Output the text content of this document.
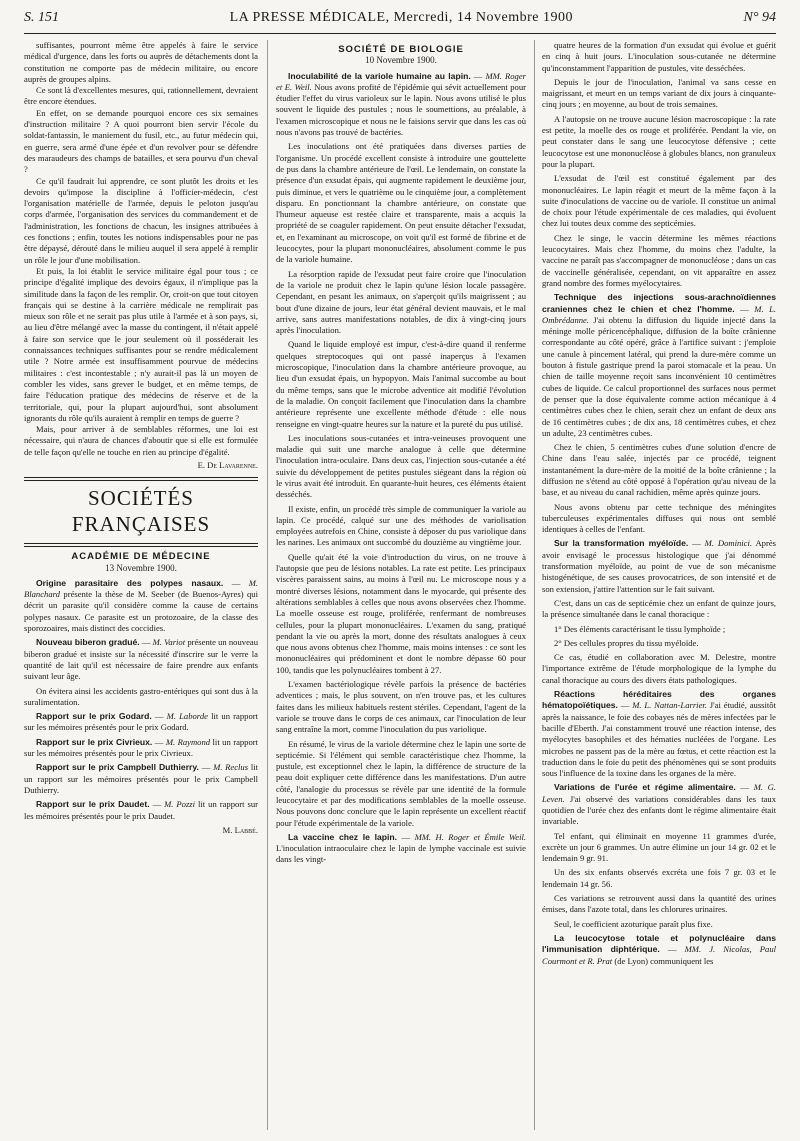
S. 151	LA PRESSE MÉDICALE, Mercredi, 14 Novembre 1900	N° 94

suffisantes, pourront même être appelés à faire le service médical d'urgence, dans les forts ou auprès de détachements dont la constitution ne comporte pas de médecin militaire, ou encore auprès de groupes alpins.

Ce sont là d'excellentes mesures, qui, rationnellement, devraient être encore étendues.

En effet, on se demande pourquoi encore ces six semaines d'instruction militaire ? A quoi pourront bien servir l'école du soldat-fantassin, le maniement du fusil, etc., au futur médecin qui, en guerre, sera armé d'une épée et d'un revolver pour se défendre des maraudeurs des champs de batailles, et sera pourvu d'un cheval ?

Ce qu'il faudrait lui apprendre, ce sont plutôt les droits et les devoirs qu'impose la discipline à l'officier-médecin, c'est l'organisation matérielle de l'armée, depuis le peloton jusqu'au corps d'armée, l'organisation des services du commandement et de l'administration, les fonctions de chacun, les insignes attribuées à ces fonctions ; enfin, toutes les notions indispensables pour ne pas être dépaysé, dérouté dans le milieu auquel il sera appelé à remplir un rôle le jour d'une mobilisation.

Et puis, la loi établit le service militaire égal pour tous ; ce principe d'égalité implique des devoirs égaux, il n'implique pas la similitude dans la façon de les remplir. Or, croit-on que tout citoyen français qui se destine à la carrière médicale ne remplirait pas mieux son rôle et ne serait pas plus utile à l'armée et à son pays, si, au lieu d'être mélangé avec la masse du contingent, il n'était appelé à faire son service que le jour seulement où il posséderait les connaissances techniques suffisantes pour se rendre médicalement utile ? Notre armée est insuffisamment pourvue de médecins militaires : c'est incontestable ; n'y aurait-il pas là un moyen de combler les vides, sans grever le budget, et en même temps, de faire l'éducation pratique des médecins de réserve et de la territoriale, qui, pour la plupart aujourd'hui, sont absolument ignorants du rôle qu'ils auraient à remplir en temps de guerre ?

Mais, pour arriver à de semblables réformes, une loi est nécessaire, qui n'aura de chances d'aboutir que si elle est formulée de telle façon qu'elle ne touche en rien au principe d'égalité.

E. De Lavarenne.
SOCIÉTÉS FRANÇAISES
ACADÉMIE DE MÉDECINE
13 Novembre 1900.

Origine parasitaire des polypes nasaux. — M. Blanchard présente la thèse de M. Seeber (de Buenos-Ayres) qui décrit un parasite qu'il considère comme la cause de certains polypes nasaux. Ce parasite est un protozoaire, de la classe des sporozoaires, mais distinct des coccidies.

Nouveau biberon gradué. — M. Variot présente un nouveau biberon gradué et insiste sur la nécessité d'inscrire sur le verre la quantité de lait qu'il est nécessaire de faire prendre aux enfants suivant leur âge.

On évitera ainsi les accidents gastro-entériques qui sont dus à la suralimentation.

Rapport sur le prix Godard. — M. Laborde lit un rapport sur les mémoires présentés pour le prix Godard.

Rapport sur le prix Civrieux. — M. Raymond lit un rapport sur les mémoires présentés pour le prix Civrieux.

Rapport sur le prix Campbell Duthierry. — M. Reclus lit un rapport sur les mémoires présentés pour le prix Campbell Duthierry.

Rapport sur le prix Daudet. — M. Pozzi lit un rapport sur les mémoires présentés pour le prix Daudet.

M. Labbé.
SOCIÉTÉ DE BIOLOGIE
10 Novembre 1900.

Inoculabilité de la variole humaine au lapin. — MM. Roger et E. Weil. Nous avons profité de l'épidémie qui sévit actuellement pour étudier l'effet du virus varioleux sur le lapin. Nous avons utilisé le plus souvent le liquide des pustules ; nous le soumettions, au préalable, à l'examen microscopique et nous ne le faisions servir que dans les cas où nous n'avons pas trouvé de bactéries.

Les inoculations ont été pratiquées dans diverses parties de l'organisme. Un procédé excellent consiste à introduire une gouttelette de pus dans la chambre antérieure de l'œil. Le lendemain, on constate la présence d'un exsudat épais, qui augmente rapidement le deuxième jour, puis diminue, et vers le quatrième ou le cinquième jour, a complètement disparu. En ponctionnant la chambre antérieure, on constate que l'humeur aqueuse est restée claire et transparente, mais a acquis la propriété de se coaguler rapidement. On peut ensuite détacher l'exsudat, et, en l'examinant au microscope, on voit qu'il est formé de fibrine et de leucocytes, pour la plupart mononucléaires, absolument comme le pus de la variole humaine.

La résorption rapide de l'exsudat peut faire croire que l'inoculation de la variole ne produit chez le lapin qu'une lésion locale passagère. Cependant, en pesant les animaux, on s'aperçoit qu'ils maigrissent ; au bout d'une dizaine de jours, leur état général devient mauvais, et le mal arrive, sans autres manifestations notables, de dix à vingt-cinq jours après l'inoculation.

Quand le liquide employé est impur, c'est-à-dire quand il renferme quelques streptocoques qui ont passé inaperçus à l'examen microscopique, l'inoculation dans la chambre antérieure provoque, au lieu d'un exsudat épais, un hypopyon. Mais l'animal succombe au bout du même temps, sans que le microbe adventice ait modifié l'évolution de la maladie. On conçoit facilement que l'inoculation dans la chambre antérieure représente une excellente méthode d'étude : elle nous renseigne en vingt-quatre heures sur la nature et la pureté du pus utilisé.

Les inoculations sous-cutanées et intra-veineuses provoquent une maladie qui suit une marche analogue à celle que détermine l'inoculation intra-oculaire. Dans deux cas, l'injection sous-cutanée a été suivie du développement de petites pustules siégeant dans la région où le virus avait été introduit. En quarante-huit heures, ces éléments étaient desséchés.

Il existe, enfin, un procédé très simple de communiquer la variole au lapin. Ce procédé, calqué sur une des méthodes de variolisation employées autrefois en Chine, consiste à déposer du pus variolique dans les narines. Les animaux ont succombé du douzième au vingtième jour.

Quelle qu'ait été la voie d'introduction du virus, on ne trouve à l'autopsie que peu de lésions notables. La rate est petite. Les principaux viscères paraissent sains, au moins à l'œil nu. Le microscope nous y a montré diverses lésions, notamment dans le myocarde, qui présente des altérations semblables à celles que nous avons observées chez l'homme. La moelle osseuse est rouge, proliférée, renfermant de nombreuses cellules, pour la plupart mononucléaires. L'examen du sang, pratiqué pendant la vie ou après la mort, donne des résultats analogues à ceux que nous avons obtenus chez l'homme, mais moins intenses : ce sont les mononucléaires qui prédominent et dont le nombre dépasse 60 pour 100, tandis que les polynucléaires tombent à 27.

L'examen bactériologique révèle parfois la présence de bactéries adventices ; mais, le plus souvent, on n'en trouve pas, et les cultures faites dans les milieux habituels restent stériles. Cependant, l'agent de la variole se trouve dans le corps de ces animaux, car l'inoculation de leur sang entraîne la mort, comme l'inoculation du pus variolique.

En résumé, le virus de la variole détermine chez le lapin une sorte de septicémie. Si l'élément qui semble caractéristique chez l'homme, la pustule, est exceptionnel chez le lapin, la différence de structure de la peau doit expliquer cette différence dans les manifestations. D'un autre côté, l'analogie du processus se révèle par une identité de la formule leucocytaire et par des modifications semblables de la moelle osseuse. Nous pouvons donc conclure que le lapin représente un excellent réactif pour l'étude expérimentale de la variole.

La vaccine chez le lapin. — MM. H. Roger et Émile Weil. L'inoculation intraoculaire chez le lapin de lymphe vaccinale est suivie dans les vingt-

quatre heures de la formation d'un exsudat qui évolue et guérit en cinq à huit jours. L'inoculation sous-cutanée ne détermine qu'inconstamment l'apparition de pustules, vite desséchées.

Depuis le jour de l'inoculation, l'animal va sans cesse en maigrissant, et meurt en un temps variant de dix jours à cinquante-cinq jours ; en moyenne, au bout de trois semaines.

A l'autopsie on ne trouve aucune lésion macroscopique : la rate est petite, la moelle des os rouge et proliférée. Pendant la vie, on peut constater dans le sang une leucocytose défensive ; cette leucocytose est une mononucléose à globules blancs, non granuleux pour la plupart.

L'exsudat de l'œil est constitué également par des mononucléaires. Le lapin réagit et meurt de la même façon à la suite d'inoculations de vaccine ou de variole. Il constitue un animal de choix pour l'étude expérimentale de ces maladies, qui évoluent chez lui toutes deux comme des septicémies.

Chez le singe, le vaccin détermine les mêmes réactions leucocytaires. Mais chez l'homme, du moins chez l'adulte, la vaccine ne paraît pas s'accompagner de mononucléose ; dans un cas de vaccinelle généralisée, cependant, on vit apparaître en assez grand nombre des formes myélocytaires.

Technique des injections sous-arachnoïdiennes craniennes chez le chien et chez l'homme. — M. L. Ombrédanne. J'ai obtenu la diffusion du liquide injecté dans la méninge molle péricencéphalique, diffusion de la boîte crânienne correspondante au côté opéré, grâce à l'artifice suivant : j'emploie une canule à pincement latéral, qui prend la dure-mère comme un bouton à fistule gastrique prend la paroi stomacale et la peau. Un chien de taille moyenne reçoit sans inconvénient 10 centimètres cubes de liquide. Ce calcul proportionnel des surfaces nous permet de penser que la dose équivalente comme action mécanique à 4 centimètres cubes chez le chien, serait chez un enfant de deux ans de 16 centimètres cubes ; de dix ans, 18 centimètres cubes, et chez un adulte, 23 centimètres cubes.

Chez le chien, 5 centimètres cubes d'une solution d'encre de Chine dans l'eau salée, injectés par ce procédé, teignent instantanément la dure-mère de la moitié de la boîte crânienne ; la diffusion ne s'étend au côté opposé à l'opération qu'au niveau de la base, et au niveau du canal rachidien, même après quinze jours.

Nous avons obtenu par cette technique des méningites tuberculeuses expérimentales diffuses qui nous ont semblé identiques à celles de l'enfant.

Sur la transformation myéloïde. — M. Dominici. Après avoir envisagé le processus histologique que j'ai dénommé transformation myéloïde, au point de vue de son mécanisme histogénétique, de ses causes provocatrices, de son intensité et de son extension, j'attire l'attention sur le fait suivant.

C'est, dans un cas de septicémie chez un enfant de quinze jours, la présence simultanée dans le canal thoracique :

1° Des éléments caractérisant le tissu lymphoïde ;

2° Des cellules propres du tissu myéloïde.

Ce cas, étudié en collaboration avec M. Delestre, montre l'importance extrême de l'étude morphologique de la lymphe du canal thoracique au cours des divers états pathologiques.

Réactions héréditaires des organes hématopoïétiques. — M. L. Nattan-Larrier. J'ai étudié, aussitôt après la naissance, le foie des cobayes nés de mères infectées par le bacille d'Eberth. J'ai constamment trouvé une réaction intense, des myélocytes basophiles et des hématies nucléées de l'organe. Les microbes ne passent pas de la mère au fœtus, et cette réaction est la traduction dans le foie du petit des phénomènes qui se sont produits sous l'influence de la toxine dans les organes de la mère.

Variations de l'urée et régime alimentaire. — M. G. Leven. J'ai observé des variations considérables dans les taux quotidien de l'urée chez des enfants dont le régime alimentaire était invariable.

Tel enfant, qui éliminait en moyenne 11 grammes d'urée, excrète un jour 6 grammes. Un autre élimine un jour 14 gr. 02 et le lendemain 9 gr. 91.

Un des six enfants observés excréta une fois 7 gr. 03 et le lendemain 14 gr. 56.

Ces variations se retrouvent aussi dans la quantité des urines émises, dans l'azote total, dans les chlorures urinaires.

Seul, le coefficient azoturique paraît plus fixe.

La leucocytose totale et polynucléaire dans l'immunisation diphtérique. — MM. J. Nicolas, Paul Courmont et R. Prat (de Lyon) communiquent les
